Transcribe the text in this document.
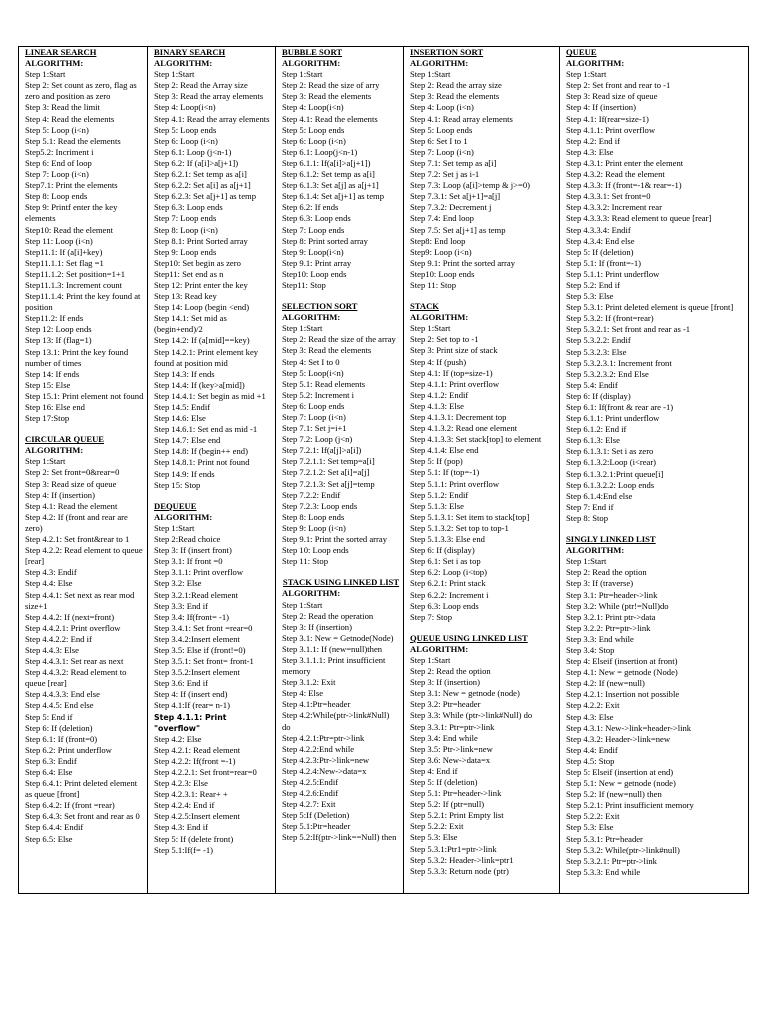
LINEAR SEARCH
ALGORITHM:
Step 1:Start
Step 2: Set count as zero, flag as zero and position as zero
Step 3: Read the limit
Step 4: Read the elements
Step 5: Loop (i<n)
Step 5.1: Read the elements
Step5.2: Incriment i
Step 6: End of loop
Step 7: Loop (i<n)
Step7.1: Print the elements
Step 8: Loop ends
Step 9: Printf enter the key elements
Step10: Read the element
Step 11: Loop (i<n)
Step11.1: If (a[i]+key)
Step11.1.1: Set flag =1
Step11.1.2: Set position=1+1
Step11.1.3: Increment count
Step11.1.4: Print the key found at position
Step11.2: If ends
Step 12: Loop ends
Step 13: If (flag=1)
Step 13.1: Print the key found number of times
Step 14: If ends
Step 15: Else
Step 15.1: Print element not found
Step 16: Else end
Step 17:Stop
CIRCULAR QUEUE
ALGORITHM:
Step 1:Start
Step 2: Set front=0&rear=0
Step 3: Read size of queue
Step 4: If (insertion)
Step 4.1: Read the element
Step 4.2: If (front and rear are zero)
Step 4.2.1: Set front&rear to 1
Step 4.2.2: Read element to queue [rear]
Step 4.3: Endif
Step 4.4: Else
Step 4.4.1: Set next as rear mod size+1
Step 4.4.2: If (next=front)
Step 4.4.2.1: Print overflow
Step 4.4.2.2: End if
Step 4.4.3: Else
Step 4.4.3.1: Set rear as next
Step 4.4.3.2: Read element to queue [rear]
Step 4.4.3.3: End else
Step 4.4.5: End else
Step 5: End if
Step 6: If (deletion)
Step 6.1: If (front=0)
Step 6.2: Print underflow
Step 6.3: Endif
Step 6.4: Else
Step 6.4.1: Print deleted element as queue [front]
Step 6.4.2: If (front =rear)
Step 6.4.3: Set front and rear as 0
Step 6.4.4: Endif
Step 6.5: Else
BINARY SEARCH
ALGORITHM:
Step 1:Start
Step 2: Read the Array size
Step 3: Read the array elements
Step 4: Loop(i<n)
Step 4.1: Read the array elements
Step 5: Loop ends
Step 6: Loop (i<n)
Step 6.1: Loop (j<n-1)
Step 6.2: If (a[i]>a[j+1])
Step 6.2.1: Set temp as a[i]
Step 6.2.2: Set a[i] as a[j+1]
Step 6.2.3: Set a[j+1] as temp
Step 6.3: Loop ends
Step 7: Loop ends
Step 8: Loop (i<n)
Step 8.1: Print Sorted array
Step 9: Loop ends
Step10: Set begin as zero
Step11: Set end as n
Step 12: Print enter the key
Step 13: Read key
Step 14: Loop (begin <end)
Step 14.1: Set mid as (begin+end)/2
Step 14.2: If (a[mid]==key)
Step 14.2.1: Print element key found at position mid
Step 14.3: If ends
Step 14.4: If (key>a[mid])
Step 14.4.1: Set begin as mid +1
Step 14.5: Endif
Step 14.6: Else
Step 14.6.1: Set end as mid -1
Step 14.7: Else end
Step 14.8: If (begin++ end)
Step 14.8.1: Print not found
Step 14.9: If ends
Step 15: Stop
DEQUEUE
ALGORITHM:
Step 1:Start
Step 2:Read choice
Step 3: If (insert front)
Step 3.1: If front =0
Step 3.1.1: Print overflow
Step 3.2: Else
Step 3.2.1:Read element
Step 3.3: End if
Step 3.4: If(front= -1)
Step 3.4.1: Set front =rear=0
Step 3.4.2:Insert element
Step 3.5: Else if (front!=0)
Step 3.5.1: Set front= front-1
Step 3.5.2:Insert element
Step 3.6: End if
Step 4: If (insert end)
Step 4.1:If (rear= n-1)
Step 4.1.1: Print "overflow"
Step 4.2: Else
Step 4.2.1: Read element
Step 4.2.2: If(front =-1)
Step 4.2.2.1: Set front=rear=0
Step 4.2.3: Else
Step 4.2.3.1: Rear+ +
Step 4.2.4: End if
Step 4.2.5:Insert element
Step 4.3: End if
Step 5: If (delete front)
Step 5.1:If(f= -1)
BUBBLE SORT
ALGORITHM:
Step 1:Start
Step 2: Read the size of arry
Step 3: Read the elements
Step 4: Loop(i<n)
Step 4.1: Read the elements
Step 5: Loop ends
Step 6: Loop (i<n)
Step 6.1: Loop(j<n-1)
Step 6.1.1: If(a[i]>a[j+1])
Step 6.1.2: Set temp as a[i]
Step 6.1.3: Set a[j] as a[j+1]
Step 6.1.4: Set a[j+1] as temp
Step 6.2: If ends
Step 6.3: Loop ends
Step 7: Loop ends
Step 8: Print sorted array
Step 9: Loop(i<n)
Step 9.1: Print array
Step10: Loop ends
Step11: Stop
SELECTION SORT
ALGORITHM:
Step 1:Start
Step 2: Read the size of the array
Step 3: Read the elements
Step 4: Set I to 0
Step 5: Loop(i<n)
Step 5.1: Read elements
Step 5.2: Increment i
Step 6: Loop ends
Step 7: Loop (i<n)
Step 7.1: Set j=i+1
Step 7.2: Loop (j<n)
Step 7.2.1: If(a[j]>a[i])
Step 7.2.1.1: Set temp=a[i]
Step 7.2.1.2: Set a[i]=a[j]
Step 7.2.1.3: Set a[j]=temp
Step 7.2.2: Endif
Step 7.2.3: Loop ends
Step 8: Loop ends
Step 9: Loop (i<n)
Step 9.1: Print the sorted array
Step 10: Loop ends
Step 11: Stop
STACK USING LINKED LIST
ALGORITHM:
Step 1:Start
Step 2: Read the operation
Step 3: If (insertion)
Step 3.1: New = Getnode(Node)
Step 3.1.1: If (new=null)then
Step 3.1.1.1: Print insufficient memory
Step 3.1.2: Exit
Step 4: Else
Step 4.1:Ptr=header
Step 4.2:While(ptr->link#Null) do
Step 4.2.1:Ptr=ptr->link
Step 4.2.2:End while
Step 4.2.3:Ptr->link=new
Step 4.2.4:New->data=x
Step 4.2.5:Endif
Step 4.2.6:Endif
Step 4.2.7: Exit
Step 5:If (Deletion)
Step 5.1:Ptr=header
Step 5.2:If(ptr->link==Null) then
INSERTION SORT
ALGORITHM:
Step 1:Start
Step 2: Read the array size
Step 3: Read the elements
Step 4: Loop (i<n)
Step 4.1: Read array elements
Step 5: Loop ends
Step 6: Set I to 1
Step 7: Loop (i<n)
Step 7.1: Set temp as a[i]
Step 7.2: Set j as i-1
Step 7.3: Loop (a[i]>temp & j>=0)
Step 7.3.1: Set a[j+1]=a[j]
Step 7.3.2: Decrement j
Step 7.4: End loop
Step 7.5: Set a[j+1] as temp
Step8: End loop
Step9: Loop (i<n)
Step 9.1: Print the sorted array
Step10: Loop ends
Step 11: Stop
STACK
ALGORITHM:
Step 1:Start
Step 2: Set top to -1
Step 3: Print size of stack
Step 4: If (push)
Step 4.1: If (top=size-1)
Step 4.1.1: Print overflow
Step 4.1.2: Endif
Step 4.1.3: Else
Step 4.1.3.1: Decrement top
Step 4.1.3.2: Read one element
Step 4.1.3.3: Set stack[top] to element
Step 4.1.4: Else end
Step 5: If (pop)
Step 5.1: If (top=-1)
Step 5.1.1: Print overflow
Step 5.1.2: Endif
Step 5.1.3: Else
Step 5.1.3.1: Set item to stack[top]
Step 5.1.3.2: Set top to top-1
Step 5.1.3.3: Else end
Step 6: If (display)
Step 6.1: Set i as top
Step 6.2: Loop (i<top)
Step 6.2.1: Print stack
Step 6.2.2: Increment i
Step 6.3: Loop ends
Step 7: Stop
QUEUE USING LINKED LIST
ALGORITHM:
Step 1:Start
Step 2: Read the option
Step 3: If (insertion)
Step 3.1: New = getnode (node)
Step 3.2: Ptr=header
Step 3.3: While (ptr->link#Null) do
Step 3.3.1: Ptr=ptr->link
Step 3.4: End while
Step 3.5: Ptr->link=new
Step 3.6: New->data=x
Step 4: End if
Step 5: If (deletion)
Step 5.1: Ptr=header->link
Step 5.2: If (ptr=null)
Step 5.2.1: Print Empty list
Step 5.2.2: Exit
Step 5.3: Else
Step 5.3.1:Ptr1=ptr->link
Step 5.3.2: Header->link=ptr1
Step 5.3.3: Return node (ptr)
QUEUE
ALGORITHM:
Step 1:Start
Step 2: Set front and rear to -1
Step 3: Read size of queue
Step 4: If (insertion)
Step 4.1: If(rear=size-1)
Step 4.1.1: Print overflow
Step 4.2: End if
Step 4.3: Else
Step 4.3.1: Print enter the element
Step 4.3.2: Read the element
Step 4.3.3: If (front=-1& rear=-1)
Step 4.3.3.1: Set front=0
Step 4.3.3.2: Increment rear
Step 4.3.3.3: Read element to queue [rear]
Step 4.3.3.4: Endif
Step 4.3.4: End else
Step 5: If (deletion)
Step 5.1: If (front=-1)
Step 5.1.1: Print underflow
Step 5.2: End if
Step 5.3: Else
Step 5.3.1: Print deleted element is queue [front]
Step 5.3.2: If (front=rear)
Step 5.3.2.1: Set front and rear as -1
Step 5.3.2.2: Endif
Step 5.3.2.3: Else
Step 5.3.2.3.1: Increment front
Step 5.3.2.3.2: End Else
Step 5.4: Endif
Step 6: If (display)
Step 6.1: If(front & rear are -1)
Step 6.1.1: Print underflow
Step 6.1.2: End if
Step 6.1.3: Else
Step 6.1.3.1: Set i as zero
Step 6.1.3.2:Loop (i<rear)
Step 6.1.3.2.1:Print queue[i]
Step 6.1.3.2.2: Loop ends
Step 6.1.4:End else
Step 7: End if
Step 8: Stop
SINGLY LINKED LIST
ALGORITHM:
Step 1:Start
Step 2: Read the option
Step 3: If (traverse)
Step 3.1: Ptr=header->link
Step 3.2: While (ptr!=Null)do
Step 3.2.1: Print ptr->data
Step 3.2.2: Ptr=ptr->link
Step 3.3: End while
Step 3.4: Stop
Step 4: Elseif (insertion at front)
Step 4.1: New = getnode (Node)
Step 4.2: If (new=null)
Step 4.2.1: Insertion not possible
Step 4.2.2: Exit
Step 4.3: Else
Step 4.3.1: New->link=header->link
Step 4.3.2: Header->link=new
Step 4.4: Endif
Step 4.5: Stop
Step 5: Elseif (insertion at end)
Step 5.1: New = getnode (node)
Step 5.2: If (new=null) then
Step 5.2.1: Print insufficient memory
Step 5.2.2: Exit
Step 5.3: Else
Step 5.3.1: Ptr=header
Step 5.3.2: While(ptr->link#null)
Step 5.3.2.1: Ptr=ptr->link
Step 5.3.3: End while
